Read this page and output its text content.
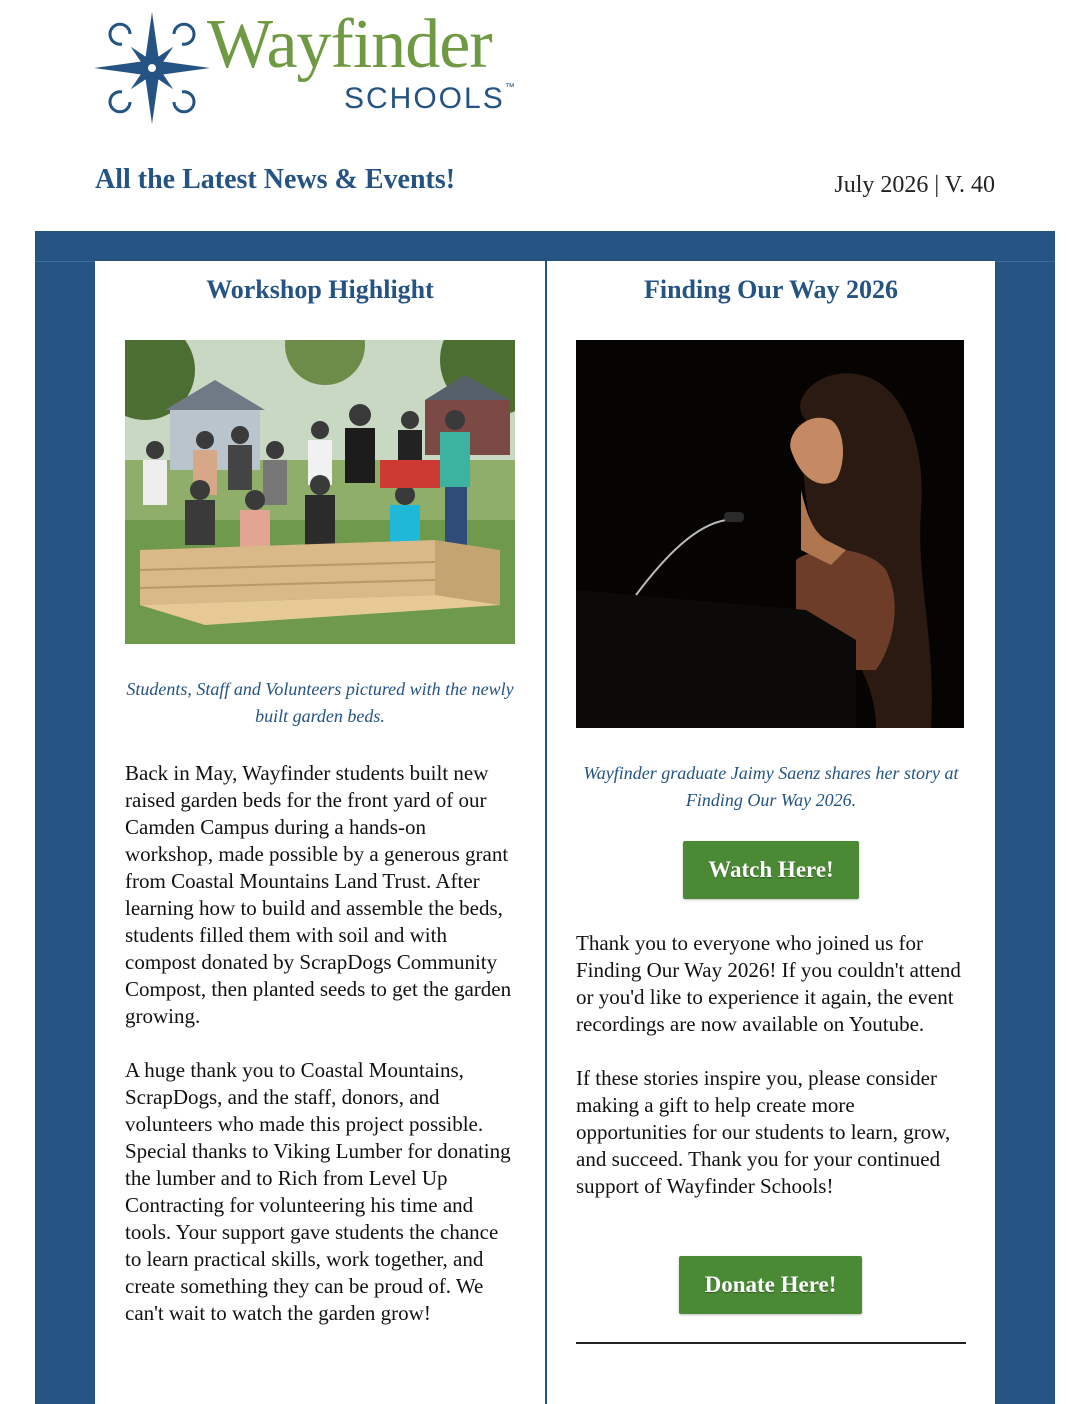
Wayfinder
SCHOOLS™
All the Latest News & Events!	July 2026 | V. 40
Workshop Highlight
Students, Staff and Volunteers pictured with the newly built garden beds.

Back in May, Wayfinder students built new raised garden beds for the front yard of our Camden Campus during a hands-on workshop, made possible by a generous grant from Coastal Mountains Land Trust. After learning how to build and assemble the beds, students filled them with soil and with compost donated by ScrapDogs Community Compost, then planted seeds to get the garden growing.

A huge thank you to Coastal Mountains, ScrapDogs, and the staff, donors, and volunteers who made this project possible. Special thanks to Viking Lumber for donating the lumber and to Rich from Level Up Contracting for volunteering his time and tools. Your support gave students the chance to learn practical skills, work together, and create something they can be proud of. We can't wait to watch the garden grow!

Finding Our Way 2026
Wayfinder graduate Jaimy Saenz shares her story at Finding Our Way 2026.
Watch Here!

Thank you to everyone who joined us for Finding Our Way 2026! If you couldn't attend or you'd like to experience it again, the event recordings are now available on Youtube.

If these stories inspire you, please consider making a gift to help create more opportunities for our students to learn, grow, and succeed. Thank you for your continued support of Wayfinder Schools!

Donate Here!
